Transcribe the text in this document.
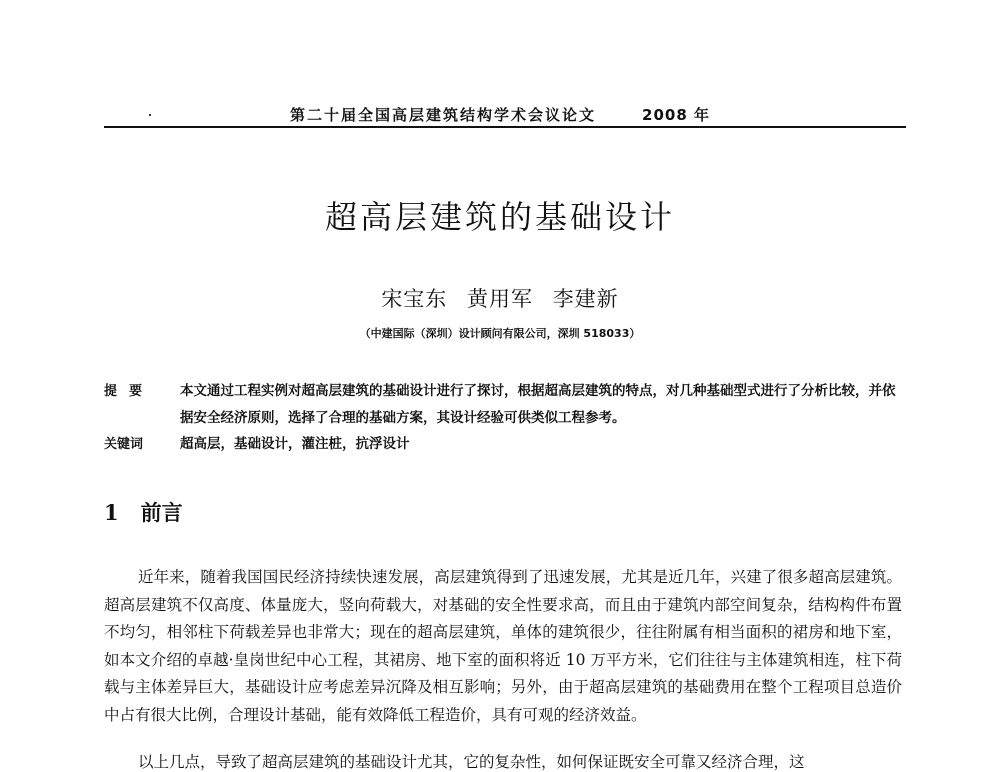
第二十届全国高层建筑结构学术会议论文	2008 年
超高层建筑的基础设计
宋宝东 黄用军 李建新
（中建国际（深圳）设计顾问有限公司，深圳 518033）
提要 本文通过工程实例对超高层建筑的基础设计进行了探讨，根据超高层建筑的特点，对几种基础型式进行了分析比较，并依据安全经济原则，选择了合理的基础方案，其设计经验可供类似工程参考。
关键词	超高层，基础设计，灌注桩，抗浮设计
1 前言
近年来，随着我国国民经济持续快速发展，高层建筑得到了迅速发展，尤其是近几年，兴建了很多超高层建筑。超高层建筑不仅高度、体量庞大，竖向荷载大，对基础的安全性要求高，而且由于建筑内部空间复杂，结构构件布置不均匀，相邻柱下荷载差异也非常大；现在的超高层建筑，单体的建筑很少，往往附属有相当面积的裙房和地下室，如本文介绍的卓越·皇岗世纪中心工程，其裙房、地下室的面积将近 10 万平方米，它们往往与主体建筑相连，柱下荷载与主体差异巨大，基础设计应考虑差异沉降及相互影响；另外，由于超高层建筑的基础费用在整个工程项目总造价中占有很大比例，合理设计基础，能有效降低工程造价，具有可观的经济效益。
以上几点，导致了超高层建筑的基础设计尤其，它的复杂性，如何保证既安全可靠又经济合理，这
